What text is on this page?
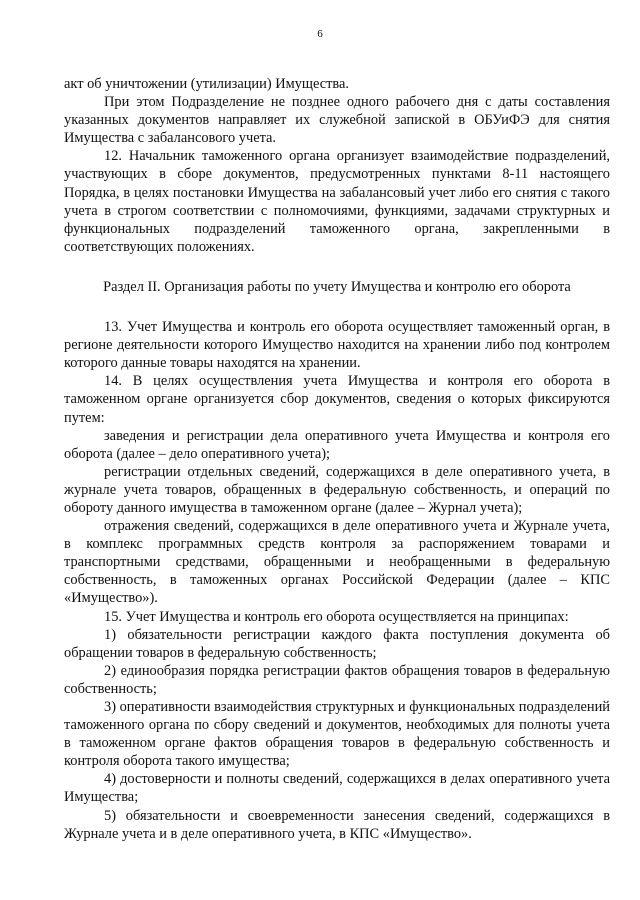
6

акт об уничтожении (утилизации) Имущества.

При этом Подразделение не позднее одного рабочего дня с даты составления указанных документов направляет их служебной запиской в ОБУиФЭ для снятия Имущества с забалансового учета.

12. Начальник таможенного органа организует взаимодействие подразделений, участвующих в сборе документов, предусмотренных пунктами 8-11 настоящего Порядка, в целях постановки Имущества на забалансовый учет либо его снятия с такого учета в строгом соответствии с полномочиями, функциями, задачами структурных и функциональных подразделений таможенного органа, закрепленными в соответствующих положениях.

Раздел II. Организация работы по учету Имущества и контролю его оборота

13. Учет Имущества и контроль его оборота осуществляет таможенный орган, в регионе деятельности которого Имущество находится на хранении либо под контролем которого данные товары находятся на хранении.

14. В целях осуществления учета Имущества и контроля его оборота в таможенном органе организуется сбор документов, сведения о которых фиксируются путем:

заведения и регистрации дела оперативного учета Имущества и контроля его оборота (далее – дело оперативного учета);

регистрации отдельных сведений, содержащихся в деле оперативного учета, в журнале учета товаров, обращенных в федеральную собственность, и операций по обороту данного имущества в таможенном органе (далее – Журнал учета);

отражения сведений, содержащихся в деле оперативного учета и Журнале учета, в комплекс программных средств контроля за распоряжением товарами и транспортными средствами, обращенными и необращенными в федеральную собственность, в таможенных органах Российской Федерации (далее – КПС «Имущество»).

15. Учет Имущества и контроль его оборота осуществляется на принципах:

1) обязательности регистрации каждого факта поступления документа об обращении товаров в федеральную собственность;

2) единообразия порядка регистрации фактов обращения товаров в федеральную собственность;

3) оперативности взаимодействия структурных и функциональных подразделений таможенного органа по сбору сведений и документов, необходимых для полноты учета в таможенном органе фактов обращения товаров в федеральную собственность и контроля оборота такого имущества;

4) достоверности и полноты сведений, содержащихся в делах оперативного учета Имущества;

5) обязательности и своевременности занесения сведений, содержащихся в Журнале учета и в деле оперативного учета, в КПС «Имущество».
